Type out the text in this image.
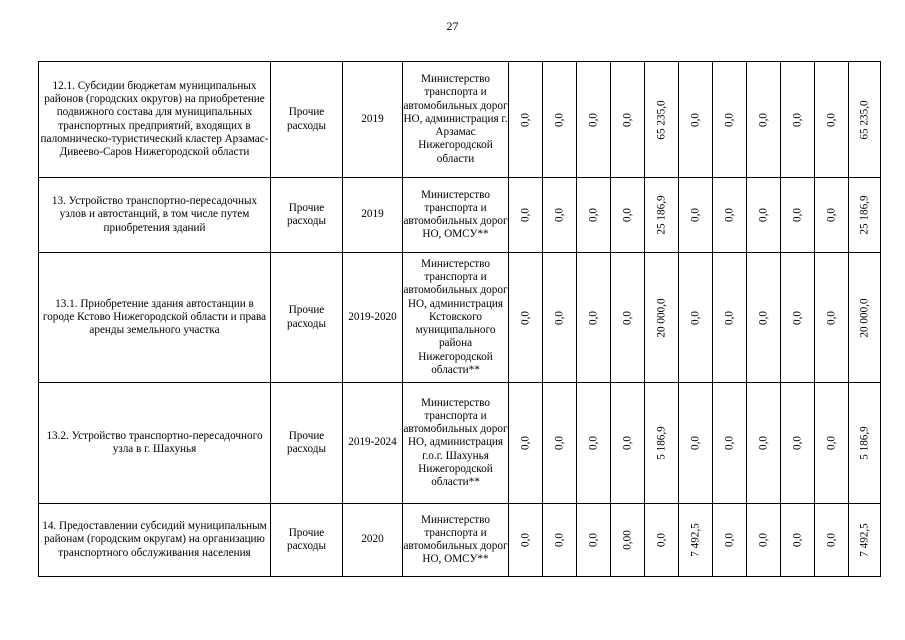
27
12.1. Субсидии бюджетам муниципальных районов (городских округов) на приобретение подвижного состава для муниципальных транспортных предприятий, входящих в паломническо-туристический кластер Арзамас-Дивеево-Саров Нижегородской области	Прочие расходы	2019	Министерство транспорта и автомобильных дорог НО, администрация г. Арзамас Нижегородской области	0,0	0,0	0,0	0,0	65 235,0	0,0	0,0	0,0	0,0	0,0	65 235,0

13. Устройство транспортно-пересадочных узлов и автостанций, в том числе путем приобретения зданий	Прочие расходы	2019	Министерство транспорта и автомобильных дорог НО, ОМСУ**	0,0	0,0	0,0	0,0	25 186,9	0,0	0,0	0,0	0,0	0,0	25 186,9

13.1. Приобретение здания автостанции в городе Кстово Нижегородской области и права аренды земельного участка	Прочие расходы	2019-2020	Министерство транспорта и автомобильных дорог НО, администрация Кстовского муниципального района Нижегородской области**	0,0	0,0	0,0	0,0	20 000,0	0,0	0,0	0,0	0,0	0,0	20 000,0

13.2. Устройство транспортно-пересадочного узла в г. Шахунья	Прочие расходы	2019-2024	Министерство транспорта и автомобильных дорог НО, администрация г.о.г. Шахунья Нижегородской области**	0,0	0,0	0,0	0,0	5 186,9	0,0	0,0	0,0	0,0	0,0	5 186,9

14. Предоставлении субсидий муниципальным районам (городским округам) на организацию транспортного обслуживания населения	Прочие расходы	2020	Министерство транспорта и автомобильных дорог НО, ОМСУ**	0,0	0,0	0,0	0,00	0,0	7 492,5	0,0	0,0	0,0	0,0	7 492,5
